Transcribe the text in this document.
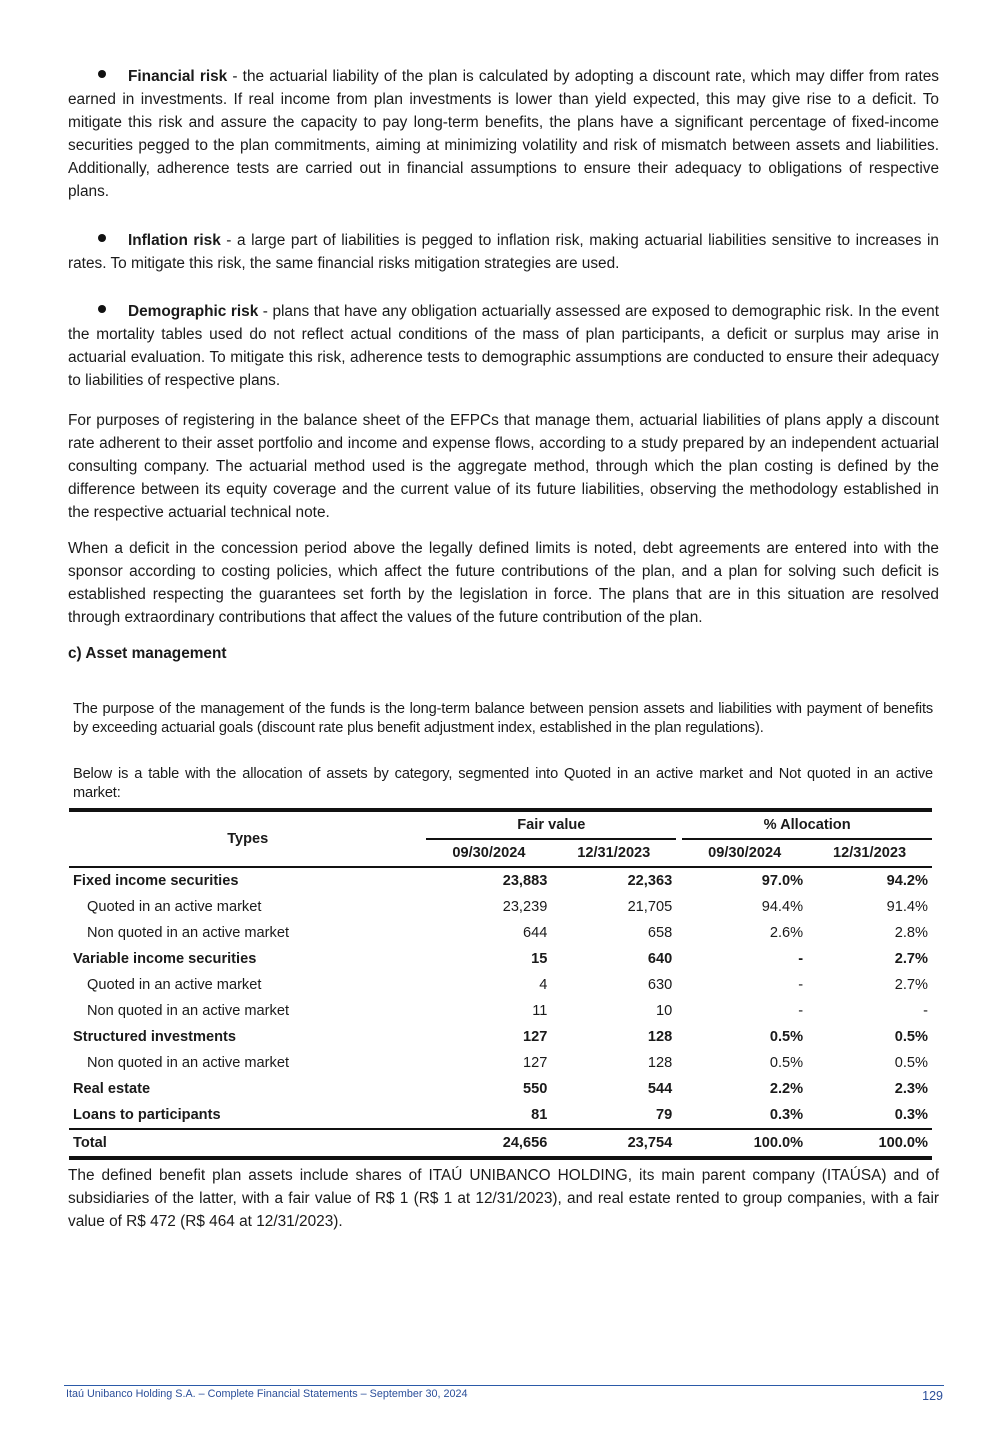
Financial risk - the actuarial liability of the plan is calculated by adopting a discount rate, which may differ from rates earned in investments. If real income from plan investments is lower than yield expected, this may give rise to a deficit. To mitigate this risk and assure the capacity to pay long-term benefits, the plans have a significant percentage of fixed-income securities pegged to the plan commitments, aiming at minimizing volatility and risk of mismatch between assets and liabilities. Additionally, adherence tests are carried out in financial assumptions to ensure their adequacy to obligations of respective plans.

Inflation risk - a large part of liabilities is pegged to inflation risk, making actuarial liabilities sensitive to increases in rates. To mitigate this risk, the same financial risks mitigation strategies are used.

Demographic risk - plans that have any obligation actuarially assessed are exposed to demographic risk. In the event the mortality tables used do not reflect actual conditions of the mass of plan participants, a deficit or surplus may arise in actuarial evaluation. To mitigate this risk, adherence tests to demographic assumptions are conducted to ensure their adequacy to liabilities of respective plans.

For purposes of registering in the balance sheet of the EFPCs that manage them, actuarial liabilities of plans apply a discount rate adherent to their asset portfolio and income and expense flows, according to a study prepared by an independent actuarial consulting company. The actuarial method used is the aggregate method, through which the plan costing is defined by the difference between its equity coverage and the current value of its future liabilities, observing the methodology established in the respective actuarial technical note.

When a deficit in the concession period above the legally defined limits is noted, debt agreements are entered into with the sponsor according to costing policies, which affect the future contributions of the plan, and a plan for solving such deficit is established respecting the guarantees set forth by the legislation in force. The plans that are in this situation are resolved through extraordinary contributions that affect the values of the future contribution of the plan.

c) Asset management

The purpose of the management of the funds is the long-term balance between pension assets and liabilities with payment of benefits by exceeding actuarial goals (discount rate plus benefit adjustment index, established in the plan regulations).

Below is a table with the allocation of assets by category, segmented into Quoted in an active market and Not quoted in an active market:

Types	Fair value			% Allocation	
	09/30/2024	12/31/2023		09/30/2024	12/31/2023
Fixed income securities	23,883	22,363		97.0%	94.2%
Quoted in an active market	23,239	21,705		94.4%	91.4%
Non quoted in an active market	644	658		2.6%	2.8%
Variable income securities	15	640		-	2.7%
Quoted in an active market	4	630		-	2.7%
Non quoted in an active market	11	10		-	-
Structured investments	127	128		0.5%	0.5%
Non quoted in an active market	127	128		0.5%	0.5%
Real estate	550	544		2.2%	2.3%
Loans to participants	81	79		0.3%	0.3%
Total	24,656	23,754		100.0%	100.0%

The defined benefit plan assets include shares of ITAÚ UNIBANCO HOLDING, its main parent company (ITAÚSA) and of subsidiaries of the latter, with a fair value of R$ 1 (R$ 1 at 12/31/2023), and real estate rented to group companies, with a fair value of R$ 472 (R$ 464 at 12/31/2023).

Itaú Unibanco Holding S.A. – Complete Financial Statements – September 30, 2024	129
